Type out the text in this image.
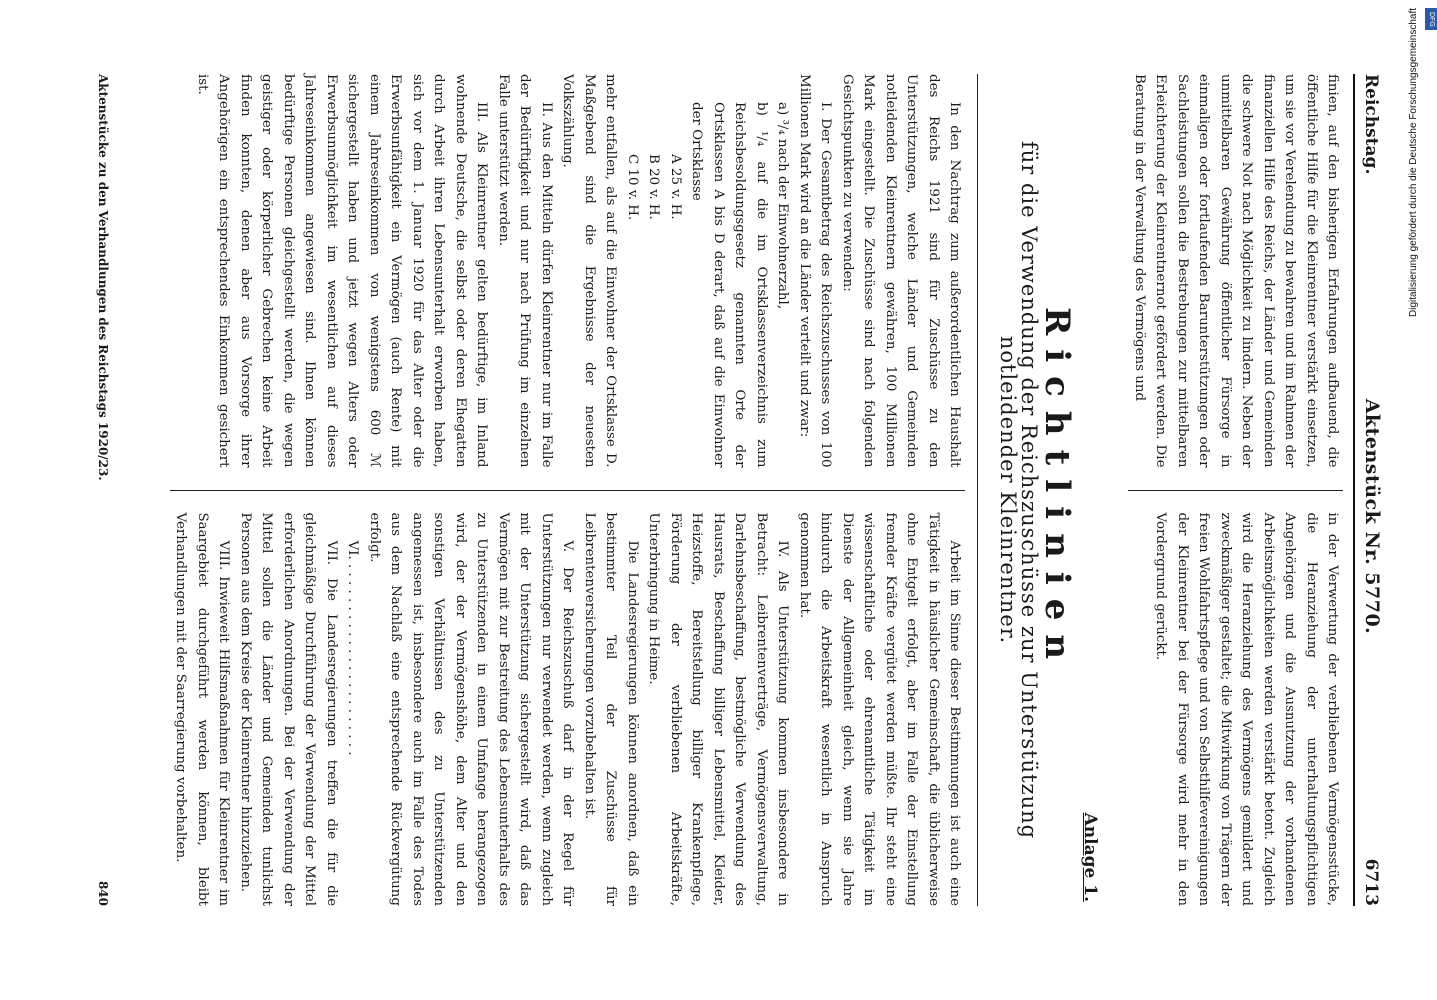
Reichstag.
Aktenstück Nr. 5770.
6713

finien, auf den bisherigen Erfahrungen aufbauend, die öffentliche Hilfe für die Kleinrentner verstärkt einsetzen, um sie vor Verelendung zu bewahren und im Rahmen der finanziellen Hilfe des Reichs, der Länder und Gemeinden die schwere Not nach Möglichkeit zu lindern. Neben der unmittelbaren Gewährung öffentlicher Fürsorge in einmaligen oder fortlaufenden Barunterstützungen oder Sachleistungen sollen die Bestrebungen zur mittelbaren Erleichterung der Kleinrentnernot gefördert werden. Die Beratung in der Verwaltung des Vermögens und

in der Verwertung der verbliebenen Vermögensstücke, die Heranziehung der unterhaltungspflichtigen Angehörigen und die Ausnutzung der vorhandenen Arbeitsmöglichkeiten werden verstärkt betont. Zugleich wird die Heranziehung des Vermögens gemildert und zweckmäßiger gestaltet; die Mitwirkung von Trägern der freien Wohlfahrtspflege und von Selbsthilfevereinigungen der Kleinrentner bei der Fürsorge wird mehr in den Vordergrund gerückt.

Anlage 1.
Richtlinien
für die Verwendung der Reichszuschüsse zur Unterstützung notleidender Kleinrentner.

In den Nachtrag zum außerordentlichen Haushalt des Reichs 1921 sind für Zuschüsse zu den Unterstützungen, welche Länder und Gemeinden notleidenden Kleinrentnern gewähren, 100 Millionen Mark eingestellt. Die Zuschüsse sind nach folgenden Gesichtspunkten zu verwenden:

I. Der Gesamtbetrag des Reichszuschusses von 100 Millionen Mark wird an die Länder verteilt und zwar:

a) ³/₄ nach der Einwohnerzahl,

b) ¹/₄ auf die im Ortsklassenverzeichnis zum Reichsbesoldungsgesetz genannten Orte der Ortsklassen A bis D derart, daß auf die Einwohner der Ortsklasse

A 25 v. H.

B 20 v. H.

C 10 v. H.

mehr entfallen, als auf die Einwohner der Ortsklasse D. Maßgebend sind die Ergebnisse der neuesten Volkszählung.

II. Aus den Mitteln dürfen Kleinrentner nur im Falle der Bedürftigkeit und nur nach Prüfung im einzelnen Falle unterstützt werden.

III. Als Kleinrentner gelten bedürftige, im Inland wohnende Deutsche, die selbst oder deren Ehegatten durch Arbeit ihren Lebensunterhalt erworben haben, sich vor dem 1. Januar 1920 für das Alter oder die Erwerbsunfähigkeit ein Vermögen (auch Rente) mit einem Jahreseinkommen von wenigstens 600 ℳ sichergestellt haben und jetzt wegen Alters oder Erwerbsunmöglichkeit im wesentlichen auf dieses Jahreseinkommen angewiesen sind. Ihnen können bedürftige Personen gleichgestellt werden, die wegen geistiger oder körperlicher Gebrechen keine Arbeit finden konnten, denen aber aus Vorsorge ihrer Angehörigen ein entsprechendes Einkommen gesichert ist.

Arbeit im Sinne dieser Bestimmungen ist auch eine Tätigkeit in häuslicher Gemeinschaft, die üblicherweise ohne Entgelt erfolgt, aber im Falle der Einstellung fremder Kräfte vergütet werden müßte. Ihr steht eine wissenschaftliche oder ehrenamtliche Tätigkeit im Dienste der Allgemeinheit gleich, wenn sie Jahre hindurch die Arbeitskraft wesentlich in Anspruch genommen hat.

IV. Als Unterstützung kommen insbesondere in Betracht: Leibrentenverträge, Vermögensverwaltung, Darlehnsbeschaffung, bestmögliche Verwendung des Hausrats, Beschaffung billiger Lebensmittel, Kleider, Heizstoffe, Bereitstellung billiger Krankenpflege, Förderung der verbliebenen Arbeitskräfte, Unterbringung in Heime.

Die Landesregierungen können anordnen, daß ein bestimmter Teil der Zuschüsse für Leibrentenversicherungen vorzubehalten ist.

V. Der Reichszuschuß darf in der Regel für Unterstützungen nur verwendet werden, wenn zugleich mit der Unterstützung sichergestellt wird, daß das Vermögen mit zur Bestreitung des Lebensunterhalts des zu Unterstützenden in einem Umfange herangezogen wird, der der Vermögenshöhe, dem Alter und den sonstigen Verhältnissen des zu Unterstützenden angemessen ist, insbesondere auch im Falle des Todes aus dem Nachlaß eine entsprechende Rückvergütung erfolgt.

VI. . . . . . . . . . . . . . . . . . . . . . . .

VII. Die Landesregierungen treffen die für die gleichmäßige Durchführung der Verwendung der Mittel erforderlichen Anordnungen. Bei der Verwendung der Mittel sollen die Länder und Gemeinden tunlichst Personen aus dem Kreise der Kleinrentner hinzuziehen.

VIII. Inwieweit Hilfsmaßnahmen für Kleinrentner im Saargebiet durchgeführt werden können, bleibt Verhandlungen mit der Saarregierung vorbehalten.

Aktenstücke zu den Verhandlungen des Reichstags 1920/23.
840
Digitalisierung gefördert durch die Deutsche Forschungsgemeinschaft	DFG
